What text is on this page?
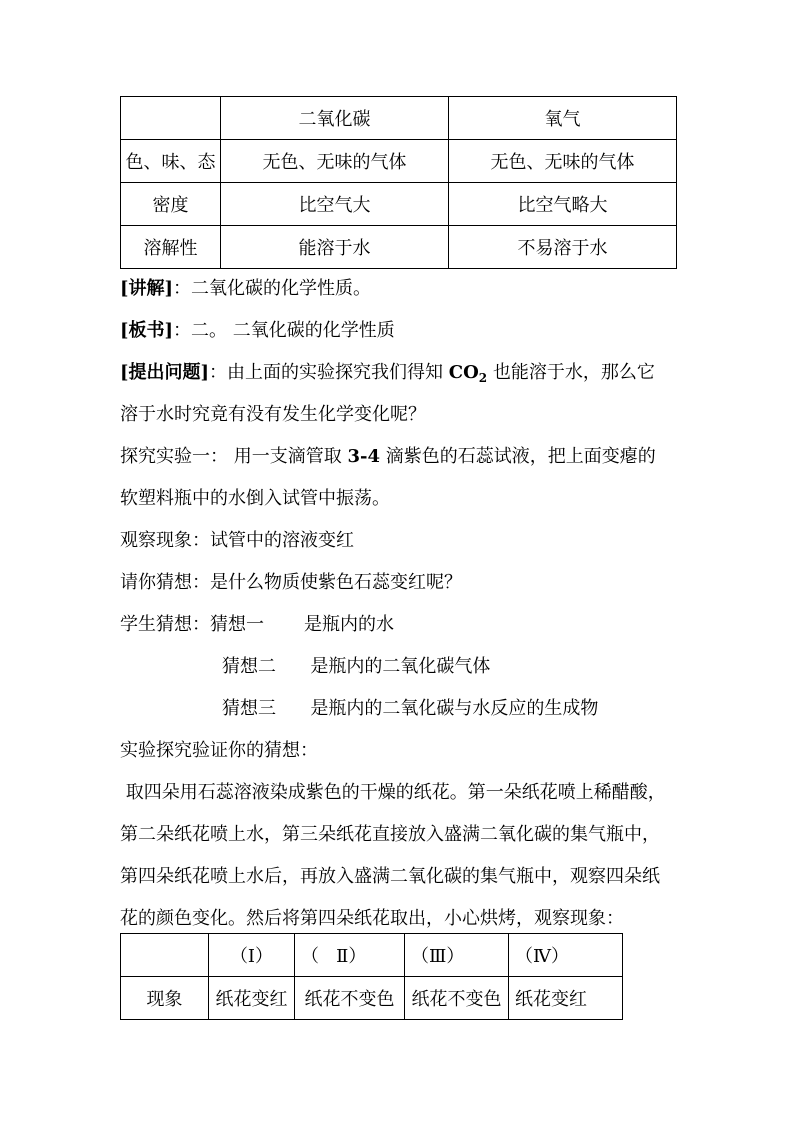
	二氧化碳	氧气
色、味、态	无色、无味的气体	无色、无味的气体
密度	比空气大	比空气略大
溶解性	能溶于水	不易溶于水
[讲解]：二氧化碳的化学性质。
[板书]：二。 二氧化碳的化学性质
[提出问题]：由上面的实验探究我们得知 $CO_2$ 也能溶于水，那么它
溶于水时究竟有没有发生化学变化呢？
探究实验一： 用一支滴管取 3-4 滴紫色的石蕊试液，把上面变瘪的
软塑料瓶中的水倒入试管中振荡。
观察现象：试管中的溶液变红
请你猜想：是什么物质使紫色石蕊变红呢？
学生猜想：猜想一       是瓶内的水
猜想二      是瓶内的二氧化碳气体
猜想三      是瓶内的二氧化碳与水反应的生成物
实验探究验证你的猜想：
取四朵用石蕊溶液染成紫色的干燥的纸花。第一朵纸花喷上稀醋酸，
第二朵纸花喷上水，第三朵纸花直接放入盛满二氧化碳的集气瓶中，
第四朵纸花喷上水后，再放入盛满二氧化碳的集气瓶中，观察四朵纸
花的颜色变化。然后将第四朵纸花取出，小心烘烤，观察现象：
	（Ⅰ）	（   Ⅱ）	（Ⅲ）	（Ⅳ）
现象	纸花变红	纸花不变色	纸花不变色	纸花变红
